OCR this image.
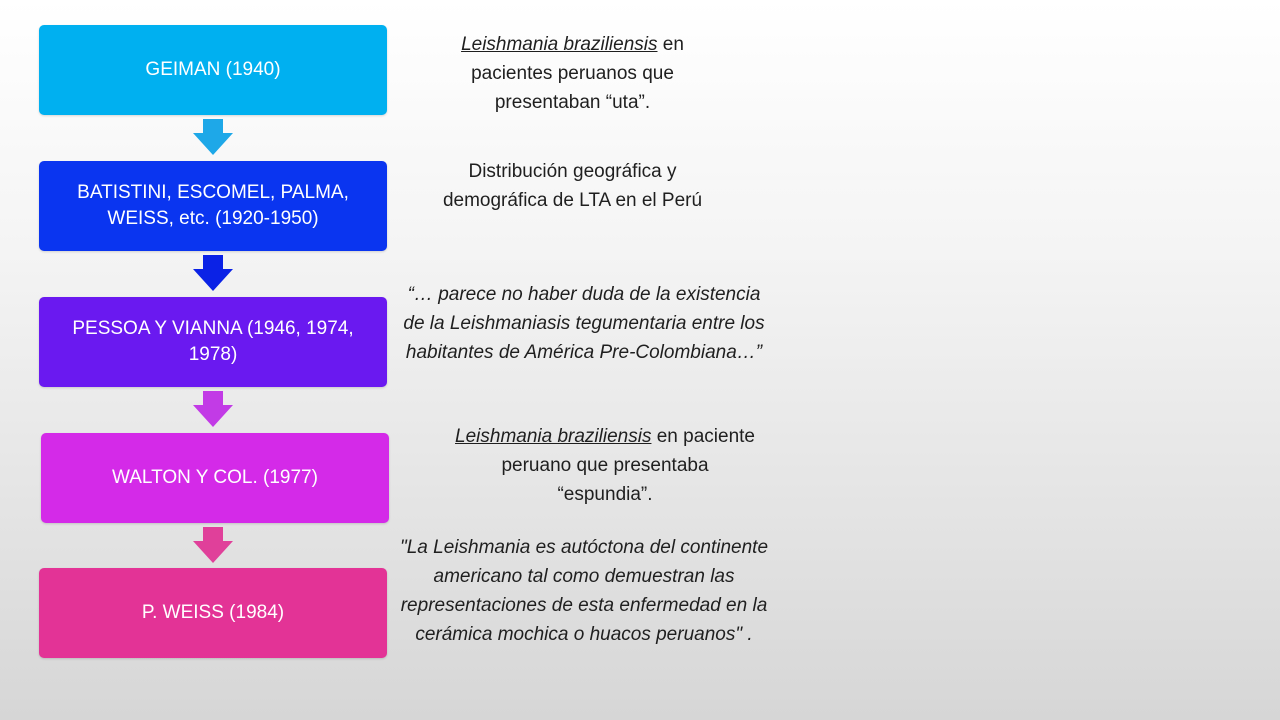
GEIMAN (1940)
BATISTINI, ESCOMEL, PALMA, WEISS, etc. (1920-1950)
PESSOA Y VIANNA (1946, 1974, 1978)
WALTON Y COL. (1977)
P. WEISS (1984)
Leishmania braziliensis en pacientes peruanos que presentaban “uta”.
Distribución geográfica y demográfica de LTA en el Perú
“… parece no haber duda de la existencia de la Leishmaniasis tegumentaria entre los habitantes de América Pre-Colombiana…”
Leishmania braziliensis en paciente peruano que presentaba “espundia”.
"La Leishmania es autóctona del continente americano tal como demuestran las representaciones de esta enfermedad en la cerámica mochica o huacos peruanos" .
